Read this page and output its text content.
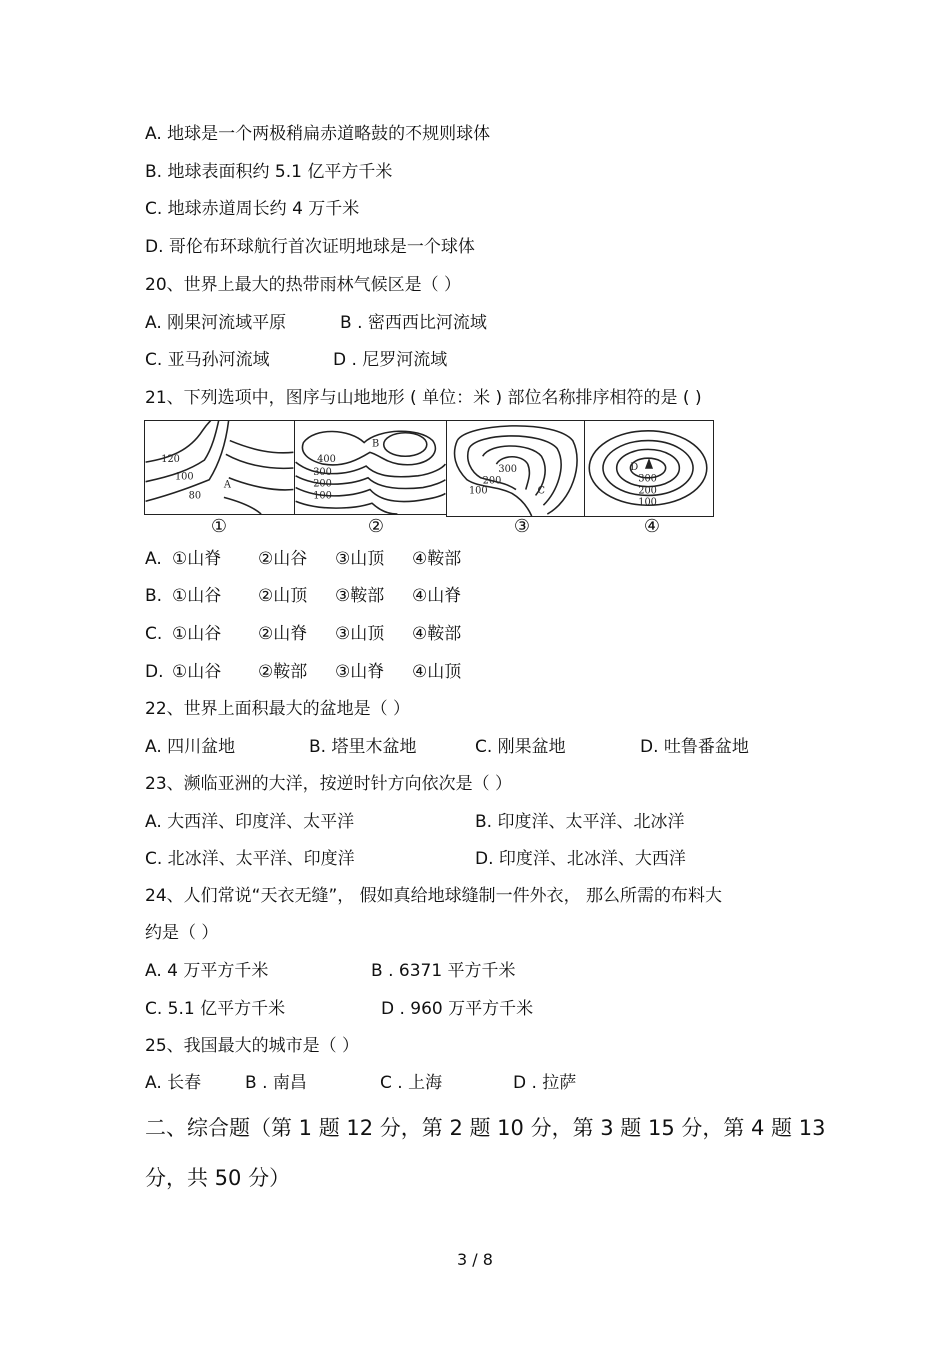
A. 地球是一个两极稍扁赤道略鼓的不规则球体
B. 地球表面积约 5.1 亿平方千米
C. 地球赤道周长约 4 万千米
D. 哥伦布环球航行首次证明地球是一个球体
20、世界上最大的热带雨林气候区是（ ）
A. 刚果河流域平原	B . 密西西比河流域
C. 亚马孙河流域	D . 尼罗河流域
21、下列选项中，图序与山地地形 ( 单位：米 ) 部位名称排序相符的是 ( )
120
100
80
A
①
400
300
200
100
B
②
300
200
100	C
③
D
300
200
100
④
A. ①山脊 ②山谷 ③山顶 ④鞍部
B. ①山谷 ②山顶 ③鞍部 ④山脊
C. ①山谷 ②山脊 ③山顶 ④鞍部
D. ①山谷 ②鞍部 ③山脊 ④山顶
22、世界上面积最大的盆地是（ ）
A. 四川盆地	B. 塔里木盆地	C. 刚果盆地	D. 吐鲁番盆地
23、濒临亚洲的大洋，按逆时针方向依次是（ ）
A. 大西洋、印度洋、太平洋	B. 印度洋、太平洋、北冰洋
C. 北冰洋、太平洋、印度洋	D. 印度洋、北冰洋、大西洋
24、人们常说“天衣无缝”， 假如真给地球缝制一件外衣， 那么所需的布料大
约是（ ）
A. 4 万平方千米	B . 6371 平方千米
C. 5.1 亿平方千米	D . 960 万平方千米
25、我国最大的城市是（ ）
A. 长春	B . 南昌	C . 上海	D . 拉萨
二、综合题（第 1 题 12 分，第 2 题 10 分，第 3 题 15 分，第 4 题 13
分，共 50 分）
3 / 8
